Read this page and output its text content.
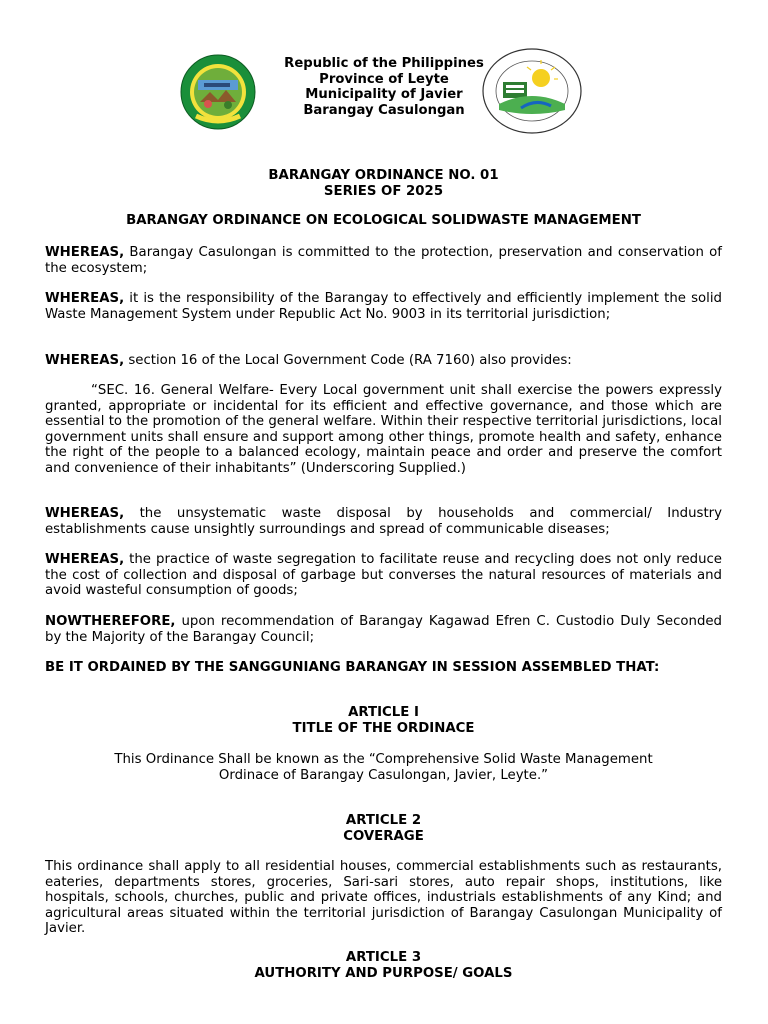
Republic of the Philippines
Province of Leyte
Municipality of Javier
Barangay Casulongan
BARANGAY ORDINANCE NO. 01
SERIES OF 2025
BARANGAY ORDINANCE ON ECOLOGICAL SOLIDWASTE MANAGEMENT
WHEREAS, Barangay Casulongan is committed to the protection, preservation and conservation of the ecosystem;
WHEREAS, it is the responsibility of the Barangay to effectively and efficiently implement the solid Waste Management System under Republic Act No. 9003 in its territorial jurisdiction;
WHEREAS, section 16 of the Local Government Code (RA 7160) also provides:
“SEC. 16. General Welfare- Every Local government unit shall exercise the powers expressly granted, appropriate or incidental for its efficient and effective governance, and those which are essential to the promotion of the general welfare. Within their respective territorial jurisdictions, local government units shall ensure and support among other things, promote health and safety, enhance the right of the people to a balanced ecology, maintain peace and order and preserve the comfort and convenience of their inhabitants” (Underscoring Supplied.)
WHEREAS, the unsystematic waste disposal by households and commercial/ Industry establishments cause unsightly surroundings and spread of communicable diseases;
WHEREAS, the practice of waste segregation to facilitate reuse and recycling does not only reduce the cost of collection and disposal of garbage but converses the natural resources of materials and avoid wasteful consumption of goods;
NOWTHEREFORE, upon recommendation of Barangay Kagawad Efren C. Custodio Duly Seconded by the Majority of the Barangay Council;
BE IT ORDAINED BY THE SANGGUNIANG BARANGAY IN SESSION ASSEMBLED THAT:
ARTICLE I
TITLE OF THE ORDINACE
This Ordinance Shall be known as the “Comprehensive Solid Waste Management
Ordinace of Barangay Casulongan, Javier, Leyte.”
ARTICLE 2
COVERAGE
This ordinance shall apply to all residential houses, commercial establishments such as restaurants, eateries, departments stores, groceries, Sari-sari stores, auto repair shops, institutions, like hospitals, schools, churches, public and private offices, industrials establishments of any Kind; and agricultural areas situated within the territorial jurisdiction of Barangay Casulongan Municipality of Javier.
ARTICLE 3
AUTHORITY AND PURPOSE/ GOALS
